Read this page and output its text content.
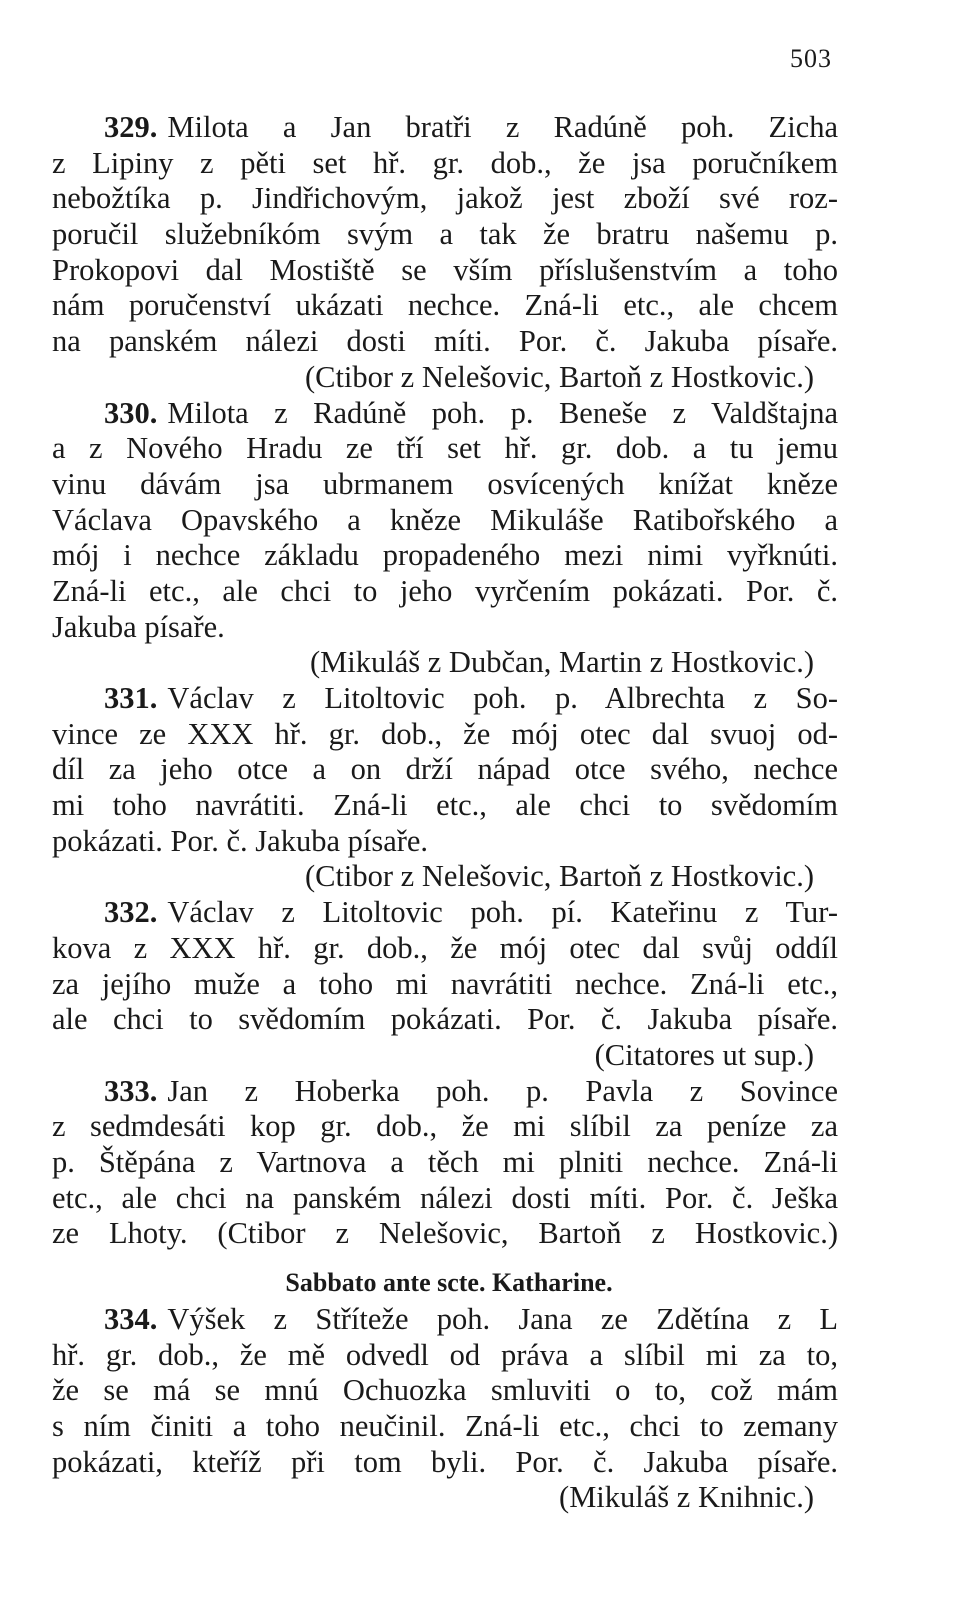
503
329. Milota a Jan bratři z Radúně poh. Zicha
z Lipiny z pěti set hř. gr. dob., že jsa poručníkem
nebožtíka p. Jindřichovým, jakož jest zboží své roz-
poručil služebníkóm svým a tak že bratru našemu p.
Prokopovi dal Mostiště se vším příslušenstvím a toho
nám poručenství ukázati nechce. Zná-li etc., ale chcem
na panském nálezi dosti míti. Por. č. Jakuba písaře.
(Ctibor z Nelešovic, Bartoň z Hostkovic.)
330. Milota z Radúně poh. p. Beneše z Valdštajna
a z Nového Hradu ze tří set hř. gr. dob. a tu jemu
vinu dávám jsa ubrmanem osvícených knížat kněze
Václava Opavského a kněze Mikuláše Ratibořského a
mój i nechce základu propadeného mezi nimi vyřknúti.
Zná-li etc., ale chci to jeho vyrčením pokázati. Por. č.
Jakuba písaře.
(Mikuláš z Dubčan, Martin z Hostkovic.)
331. Václav z Litoltovic poh. p. Albrechta z So-
vince ze XXX hř. gr. dob., že mój otec dal svuoj od-
díl za jeho otce a on drží nápad otce svého, nechce
mi toho navrátiti. Zná-li etc., ale chci to svědomím
pokázati. Por. č. Jakuba písaře.
(Ctibor z Nelešovic, Bartoň z Hostkovic.)
332. Václav z Litoltovic poh. pí. Kateřinu z Tur-
kova z XXX hř. gr. dob., že mój otec dal svůj oddíl
za jejího muže a toho mi navrátiti nechce. Zná-li etc.,
ale chci to svědomím pokázati. Por. č. Jakuba písaře.
(Citatores ut sup.)
333. Jan z Hoberka poh. p. Pavla z Sovince
z sedmdesáti kop gr. dob., že mi slíbil za peníze za
p. Štěpána z Vartnova a těch mi plniti nechce. Zná-li
etc., ale chci na panském nálezi dosti míti. Por. č. Ješka
ze Lhoty. (Ctibor z Nelešovic, Bartoň z Hostkovic.)
Sabbato ante scte. Katharine.
334. Výšek z Stříteže poh. Jana ze Zdětína z L
hř. gr. dob., že mě odvedl od práva a slíbil mi za to,
že se má se mnú Ochuozka smluviti o to, což mám
s ním činiti a toho neučinil. Zná-li etc., chci to zemany
pokázati, kteříž při tom byli. Por. č. Jakuba písaře.
(Mikuláš z Knihnic.)
